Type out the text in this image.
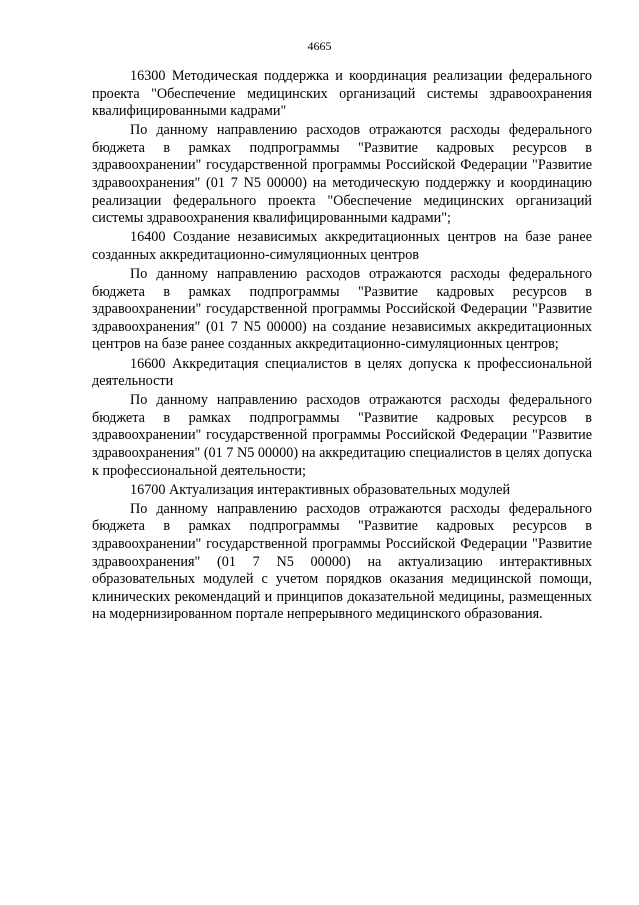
4665

16300 Методическая поддержка и координация реализации федерального проекта "Обеспечение медицинских организаций системы здравоохранения квалифицированными кадрами"

По данному направлению расходов отражаются расходы федерального бюджета в рамках подпрограммы "Развитие кадровых ресурсов в здравоохранении" государственной программы Российской Федерации "Развитие здравоохранения" (01 7 N5 00000) на методическую поддержку и координацию реализации федерального проекта "Обеспечение медицинских организаций системы здравоохранения квалифицированными кадрами";

16400 Создание независимых аккредитационных центров на базе ранее созданных аккредитационно-симуляционных центров

По данному направлению расходов отражаются расходы федерального бюджета в рамках подпрограммы "Развитие кадровых ресурсов в здравоохранении" государственной программы Российской Федерации "Развитие здравоохранения" (01 7 N5 00000) на создание независимых аккредитационных центров на базе ранее созданных аккредитационно-симуляционных центров;

16600 Аккредитация специалистов в целях допуска к профессиональной деятельности

По данному направлению расходов отражаются расходы федерального бюджета в рамках подпрограммы "Развитие кадровых ресурсов в здравоохранении" государственной программы Российской Федерации "Развитие здравоохранения" (01 7 N5 00000) на аккредитацию специалистов в целях допуска к профессиональной деятельности;

16700 Актуализация интерактивных образовательных модулей

По данному направлению расходов отражаются расходы федерального бюджета в рамках подпрограммы "Развитие кадровых ресурсов в здравоохранении" государственной программы Российской Федерации "Развитие здравоохранения" (01 7 N5 00000) на актуализацию интерактивных образовательных модулей с учетом порядков оказания медицинской помощи, клинических рекомендаций и принципов доказательной медицины, размещенных на модернизированном портале непрерывного медицинского образования.
